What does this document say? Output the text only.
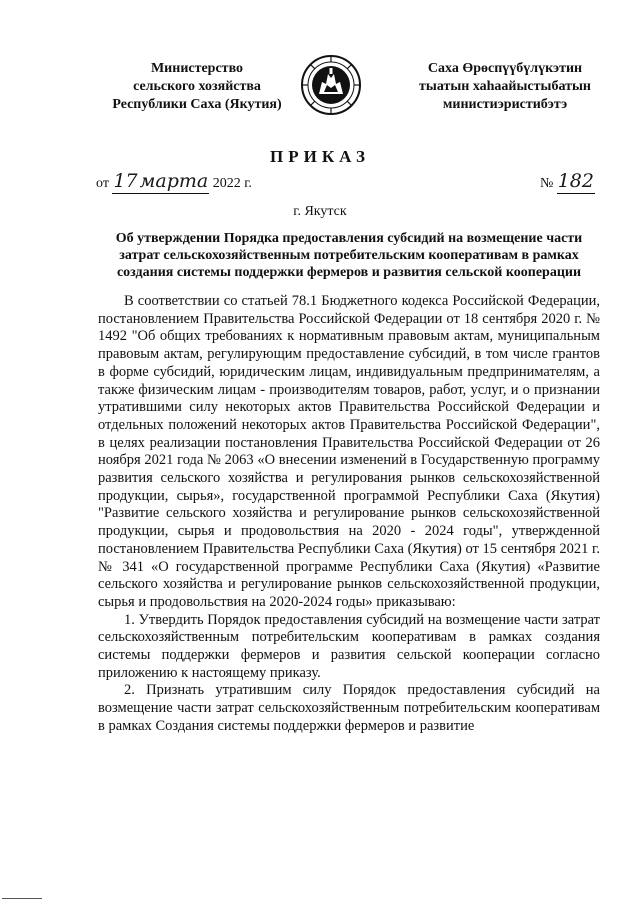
Министерство
сельского хозяйства
Республики Саха (Якутия)
Саха Өрөспүүбүлүкэтин
тыатын хаhаайыстыбатын
министиэристибэтэ
ПРИКАЗ
от 17 марта 2022 г.	№ 182
г. Якутск
Об утверждении Порядка предоставления субсидий на возмещение части затрат сельскохозяйственным потребительским кооперативам в рамках создания системы поддержки фермеров и развития сельской кооперации

В соответствии со статьей 78.1 Бюджетного кодекса Российской Федерации, постановлением Правительства Российской Федерации от 18 сентября 2020 г. № 1492 "Об общих требованиях к нормативным правовым актам, муниципальным правовым актам, регулирующим предоставление субсидий, в том числе грантов в форме субсидий, юридическим лицам, индивидуальным предпринимателям, а также физическим лицам - производителям товаров, работ, услуг, и о признании утратившими силу некоторых актов Правительства Российской Федерации и отдельных положений некоторых актов Правительства Российской Федерации", в целях реализации постановления Правительства Российской Федерации от 26 ноября 2021 года № 2063 «О внесении изменений в Государственную программу развития сельского хозяйства и регулирования рынков сельскохозяйственной продукции, сырья», государственной программой Республики Саха (Якутия) "Развитие сельского хозяйства и регулирование рынков сельскохозяйственной продукции, сырья и продовольствия на 2020 - 2024 годы", утвержденной постановлением Правительства Республики Саха (Якутия) от 15 сентября 2021 г. № 341 «О государственной программе Республики Саха (Якутия) «Развитие сельского хозяйства и регулирование рынков сельскохозяйственной продукции, сырья и продовольствия на 2020-2024 годы» приказываю:

1. Утвердить Порядок предоставления субсидий на возмещение части затрат сельскохозяйственным потребительским кооперативам в рамках создания системы поддержки фермеров и развития сельской кооперации согласно приложению к настоящему приказу.

2. Признать утратившим силу Порядок предоставления субсидий на возмещение части затрат сельскохозяйственным потребительским кооперативам в рамках Создания системы поддержки фермеров и развитие
